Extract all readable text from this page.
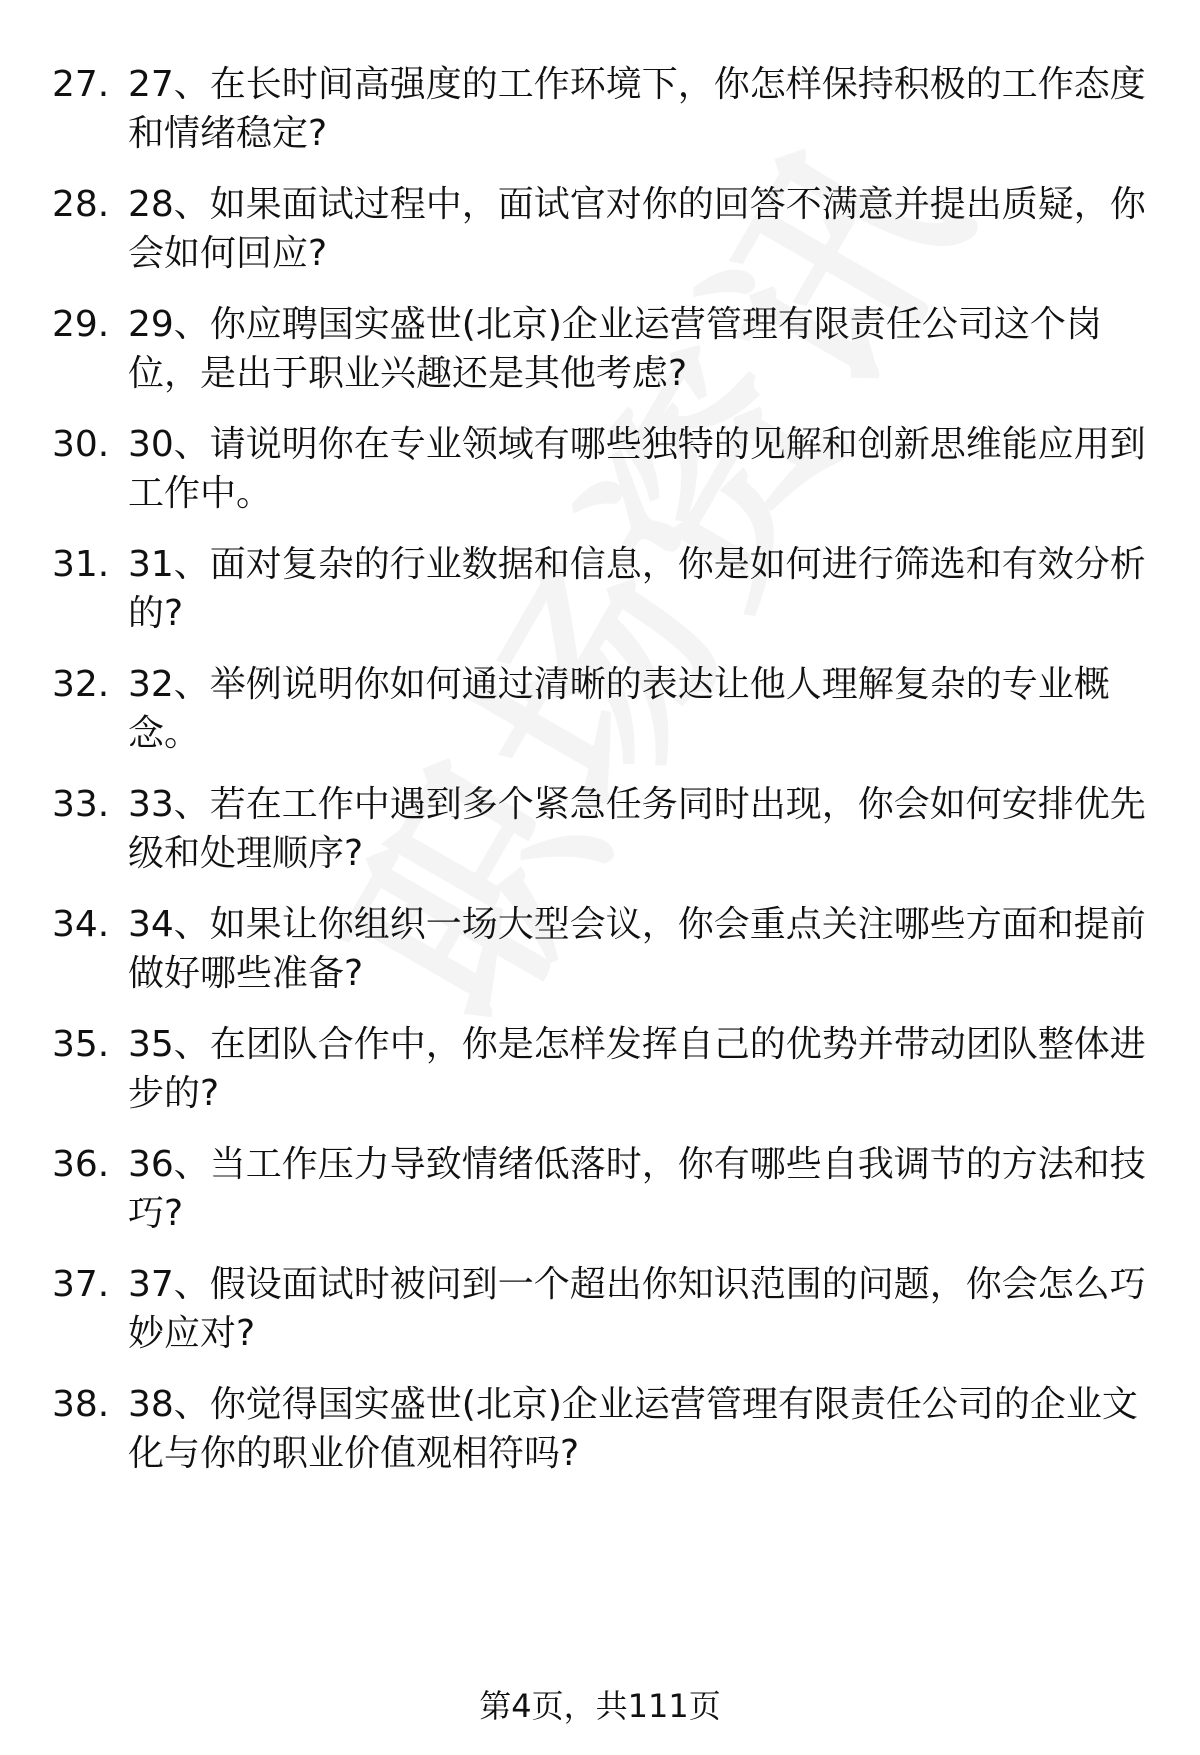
27. 27、在长时间高强度的工作环境下，你怎样保持积极的工作态度
和情绪稳定?
28. 28、如果面试过程中，面试官对你的回答不满意并提出质疑，你
会如何回应?
29. 29、你应聘国实盛世(北京)企业运营管理有限责任公司这个岗
位，是出于职业兴趣还是其他考虑?
30. 30、请说明你在专业领域有哪些独特的见解和创新思维能应用到
工作中。
31. 31、面对复杂的行业数据和信息，你是如何进行筛选和有效分析
的?
32. 32、举例说明你如何通过清晰的表达让他人理解复杂的专业概
念。
33. 33、若在工作中遇到多个紧急任务同时出现，你会如何安排优先
级和处理顺序?
34. 34、如果让你组织一场大型会议，你会重点关注哪些方面和提前
做好哪些准备?
35. 35、在团队合作中，你是怎样发挥自己的优势并带动团队整体进
步的?
36. 36、当工作压力导致情绪低落时，你有哪些自我调节的方法和技
巧?
37. 37、假设面试时被问到一个超出你知识范围的问题，你会怎么巧
妙应对?
38. 38、你觉得国实盛世(北京)企业运营管理有限责任公司的企业文
化与你的职业价值观相符吗?
第4页，共111页
